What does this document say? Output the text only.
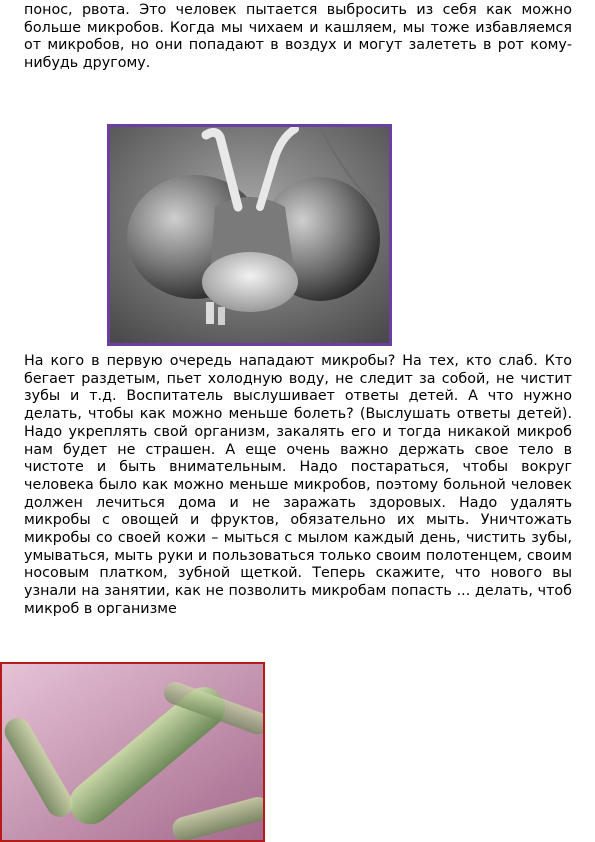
понос, рвота. Это человек пытается выбросить из себя как можно больше микробов. Когда мы чихаем и кашляем, мы тоже избавляемся от микробов, но они попадают в воздух и могут залететь в рот кому-нибудь другому.

На кого в первую очередь нападают микробы? На тех, кто слаб. Кто бегает раздетым, пьет холодную воду, не следит за собой, не чистит зубы и т.д. Воспитатель выслушивает ответы детей. А что нужно делать, чтобы как можно меньше болеть? (Выслушать ответы детей). Надо укреплять свой организм, закалять его и тогда никакой микроб нам будет не страшен. А еще очень важно держать свое тело в чистоте и быть внимательным. Надо постараться, чтобы вокруг человека было как можно меньше микробов, поэтому больной человек должен лечиться дома и не заражать здоровых. Надо удалять микробы с овощей и фруктов, обязательно их мыть. Уничтожать микробы со своей кожи – мыться с мылом каждый день, чистить зубы, умываться, мыть руки и пользоваться только своим полотенцем, своим носовым платком, зубной щеткой. Теперь скажите, что нового вы узнали на занятии, как не позволить микробам попасть ... делать, чтоб микроб в организме
